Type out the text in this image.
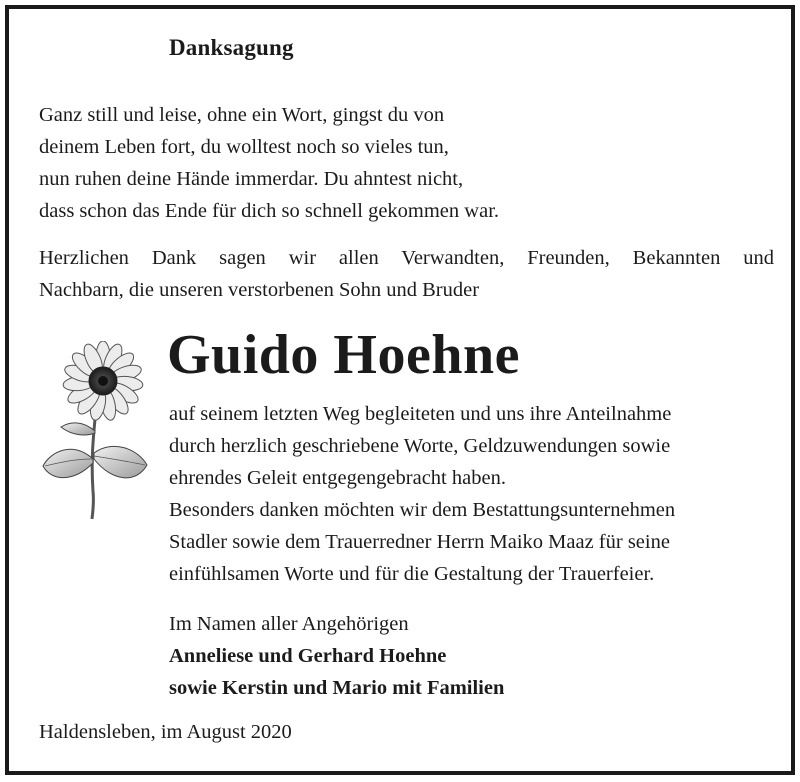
Danksagung
Ganz still und leise, ohne ein Wort, gingst du von
deinem Leben fort, du wolltest noch so vieles tun,
nun ruhen deine Hände immerdar. Du ahntest nicht,
dass schon das Ende für dich so schnell gekommen war.
Herzlichen Dank sagen wir allen Verwandten, Freunden, Bekannten und
Nachbarn, die unseren verstorbenen Sohn und Bruder
Guido Hoehne
auf seinem letzten Weg begleiteten und uns ihre Anteilnahme
durch herzlich geschriebene Worte, Geldzuwendungen sowie
ehrendes Geleit entgegengebracht haben.
Besonders danken möchten wir dem Bestattungsunternehmen
Stadler sowie dem Trauerredner Herrn Maiko Maaz für seine
einfühlsamen Worte und für die Gestaltung der Trauerfeier.
Im Namen aller Angehörigen
Anneliese und Gerhard Hoehne
sowie Kerstin und Mario mit Familien
Haldensleben, im August 2020
